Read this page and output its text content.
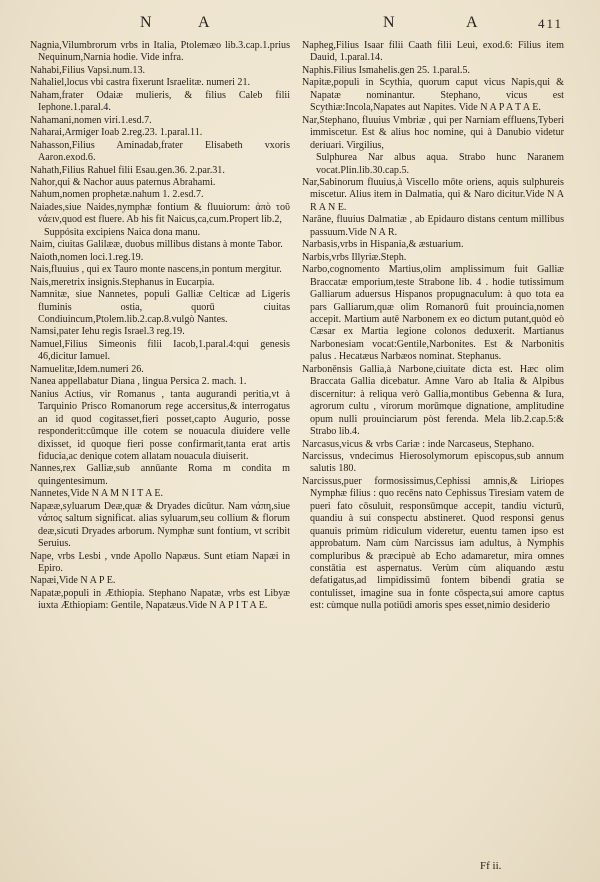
N	A	N	A	411

Nagnia,Vilumbrorum vrbs in Italia, Ptolemæo lib.3.cap.1.prius Nequinum,Narnia hodie. Vide infra.

Nahabi,Filius Vapsi.num.13.

Nahaliel,locus vbi castra fixerunt Israelitæ. numeri 21.

Naham,frater Odaiæ mulieris, & filius Caleb filii Iephone.1.paral.4.

Nahamani,nomen viri.1.esd.7.

Naharai,Armiger Ioab 2.reg.23. 1.paral.11.

Nahasson,Filius Aminadab,frater Elisabeth vxoris Aaron.exod.6.

Nahath,Filius Rahuel filii Esau.gen.36. 2.par.31.

Nahor,qui & Nachor auus paternus Abrahami.

Nahum,nomen prophetæ.nahum 1. 2.esd.7.

Naiades,siue Naides,nymphæ fontium & fluuiorum: ἀπὸ τοῦ νάειν,quod est fluere. Ab his fit Naicus,ca,cum.Propert lib.2,

Suppósita excipiens Naica dona manu.

Naim, ciuitas Galilææ, duobus millibus distans à monte Tabor.

Naioth,nomen loci.1.reg.19.

Nais,fluuius , qui ex Tauro monte nascens,in pontum mergitur.

Nais,meretrix insignis.Stephanus in Eucarpia.

Namnitæ, siue Nannetes, populi Galliæ Celticæ ad Ligeris fluminis ostia, quorū ciuitas Condiuincum,Ptolem.lib.2.cap.8.vulgò Nantes.

Namsi,pater Iehu regis Israel.3 reg.19.

Namuel,Filius Simeonis filii Iacob,1.paral.4:qui genesis 46,dicitur Iamuel.

Namuelitæ,Idem.numeri 26.

Nanea appellabatur Diana , lingua Persica 2. mach. 1.

Nanius Actius, vir Romanus , tanta augurandi peritia,vt à Tarquinio Prisco Romanorum rege accersitus,& interrogatus an id quod cogitasset,fieri posset,capto Augurio, posse responderit:cūmque ille cotem se nouacula diuidere velle dixisset, id quoque fieri posse confirmarit,tanta erat artis fiducia,ac denique cotem allatam nouacula diuiserit.

Nannes,rex Galliæ,sub annūante Roma m condita m quingentesimum.

Nannetes,Vide N A M N I T A E.

Napææ,syluarum Deæ,quæ & Dryades dicūtur. Nam νάπη,siue νάπος saltum significat. alias syluarum,seu collium & florum deæ,sicuti Dryades arborum. Nymphæ sunt fontium, vt scribit Seruius.

Nape, vrbs Lesbi , vnde Apollo Napæus. Sunt etiam Napæi in Epiro.

Napæi,Vide N A P E.

Napatæ,populi in Æthiopia. Stephano Napatæ, vrbs est Libyæ iuxta Æthiopiam: Gentile, Napatæus.Vide N A P I T A E.

Napheg,Filius Isaar filii Caath filii Leui, exod.6: Filius item Dauid, 1.paral.14.

Naphis.Filius Ismahelis.gen 25. 1.paral.5.

Napitæ,populi in Scythia, quorum caput vicus Napis,qui & Napatæ nominantur. Stephano, vicus est Scythiæ:Incola,Napates aut Napites. Vide N A P A T A E.

Nar,Stephano, fluuius Vmbriæ , qui per Narniam effluens,Tyberi immiscetur. Est & alius hoc nomine, qui à Danubio videtur deriuari. Virgilius,

Sulphurea Nar albus aqua. Strabo hunc Naranem vocat.Plin.lib.30.cap.5.

Nar,Sabinorum fluuius,à Viscello mōte oriens, aquis sulphureis miscetur. Alius item in Dalmatia, qui & Naro dicitur.Vide N A R A N E.

Narāne, fluuius Dalmatiæ , ab Epidauro distans centum millibus passuum.Vide N A R.

Narbasis,vrbs in Hispania,& æstuarium.

Narbis,vrbs Illyriæ.Steph.

Narbo,cognomento Martius,olim amplissimum fuit Galliæ Braccatæ emporium,teste Strabone lib. 4 . hodie tutissimum Galliarum aduersus Hispanos propugnaculum: à quo tota ea pars Galliarum,quæ olim Romanorū fuit prouincia,nomen accepit. Martium autē Narbonem ex eo dictum putant,quòd eò Cæsar ex Martia legione colonos deduxerit. Martianus Narbonesiam vocat:Gentile,Narbonites. Est & Narbonitis palus . Hecatæus Narbæos nominat. Stephanus.

Narbonēnsis Gallia,à Narbone,ciuitate dicta est. Hæc olim Braccata Gallia dicebatur. Amne Varo ab Italia & Alpibus discernitur: à reliqua verò Gallia,montibus Gebenna & Iura, agrorum cultu , virorum morūmque dignatione, amplitudine opum nulli prouinciarum pòst ferenda. Mela lib.2.cap.5:& Strabo lib.4.

Narcasus,vicus & vrbs Cariæ : inde Narcaseus, Stephano.

Narcissus, vndecimus Hierosolymorum episcopus,sub annum salutis 180.

Narcissus,puer formosissimus,Cephissi amnis,& Liriopes Nymphæ filius : quo recēns nato Cephissus Tiresiam vatem de pueri fato cōsuluit, responsūmque accepit, tandiu victurū, quandiu à sui conspectu abstineret. Quod responsi genus quanuis primùm ridiculum videretur, euentu tamen ipso est approbatum. Nam cùm Narcissus iam adultus, à Nymphis compluribus & præcipuè ab Echo adamaretur, mira omnes constātia est aspernatus. Verùm cùm aliquando æstu defatigatus,ad limpidissimū fontem bibendi gratia se contulisset, imagine sua in fonte cōspecta,sui amore captus est: cùmque nulla potiūdi amoris spes esset,nimio desiderio

Ff ii.
